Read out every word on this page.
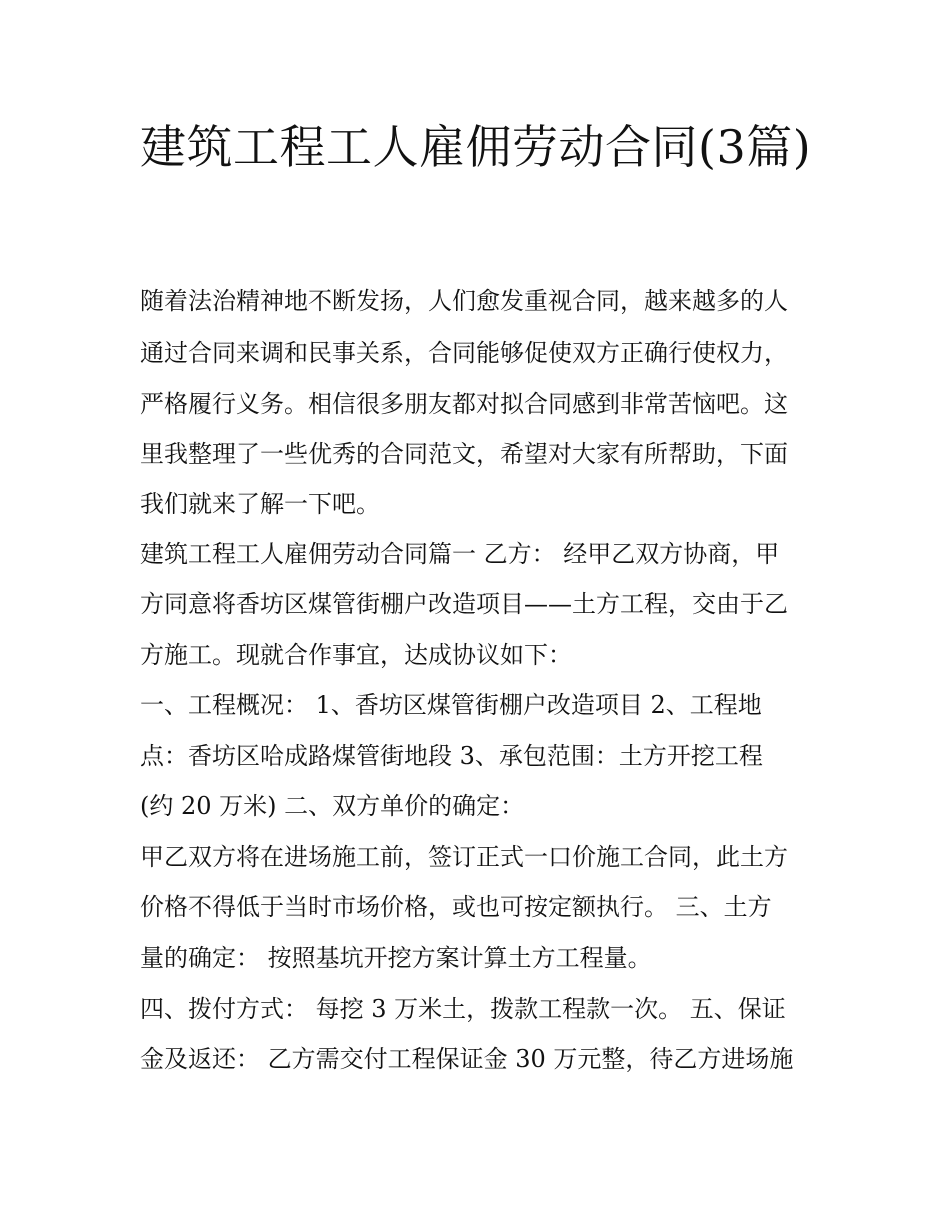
建筑工程工人雇佣劳动合同(3篇)

随着法治精神地不断发扬，人们愈发重视合同，越来越多的人

通过合同来调和民事关系，合同能够促使双方正确行使权力，

严格履行义务。相信很多朋友都对拟合同感到非常苦恼吧。这

里我整理了一些优秀的合同范文，希望对大家有所帮助，下面

我们就来了解一下吧。

建筑工程工人雇佣劳动合同篇一 乙方： 经甲乙双方协商，甲

方同意将香坊区煤管街棚户改造项目——土方工程，交由于乙

方施工。现就合作事宜，达成协议如下：

一、工程概况： 1、香坊区煤管街棚户改造项目 2、工程地

点：香坊区哈成路煤管街地段 3、承包范围：土方开挖工程

(约 20 万米) 二、双方单价的确定：

甲乙双方将在进场施工前，签订正式一口价施工合同，此土方

价格不得低于当时市场价格，或也可按定额执行。 三、土方

量的确定： 按照基坑开挖方案计算土方工程量。

四、拨付方式： 每挖 3 万米土，拨款工程款一次。 五、保证

金及返还： 乙方需交付工程保证金 30 万元整，待乙方进场施
